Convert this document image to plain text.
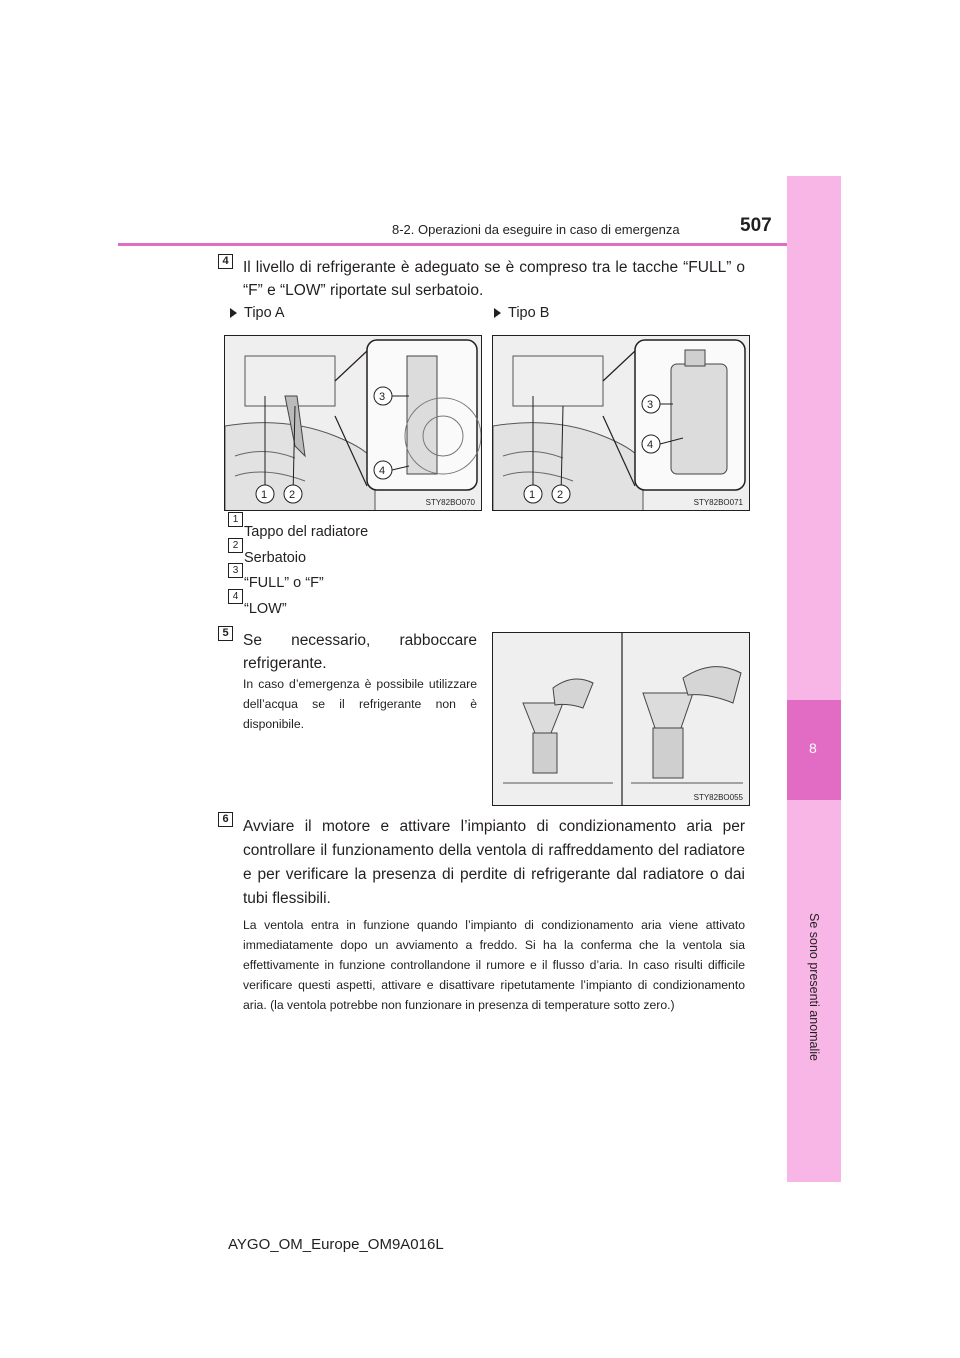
8
Se sono presenti anomalie
8-2. Operazioni da eseguire in caso di emergenza	507
4 Il livello di refrigerante è adeguato se è compreso tra le tacche “FULL” o “F” e “LOW” riportate sul serbatoio.
Tipo A	Tipo B
1 2
3
4
STY82BO070
1 2
3
4
STY82BO071
1
Tappo del radiatore
2
Serbatoio
3
“FULL” o “F”
4
“LOW”
5 Se necessario, rabboccare refrigerante.
In caso d’emergenza è possibile utilizzare dell’acqua se il refrigerante non è disponibile.
STY82BO055
6 Avviare il motore e attivare l’impianto di condizionamento aria per controllare il funzionamento della ventola di raffreddamento del radiatore e per verificare la presenza di perdite di refrigerante dal radiatore o dai tubi flessibili.
La ventola entra in funzione quando l’impianto di condizionamento aria viene attivato immediatamente dopo un avviamento a freddo. Si ha la conferma che la ventola sia effettivamente in funzione controllandone il rumore e il flusso d’aria. In caso risulti difficile verificare questi aspetti, attivare e disattivare ripetutamente l’impianto di condizionamento aria. (la ventola potrebbe non funzionare in presenza di temperature sotto zero.)
AYGO_OM_Europe_OM9A016L
